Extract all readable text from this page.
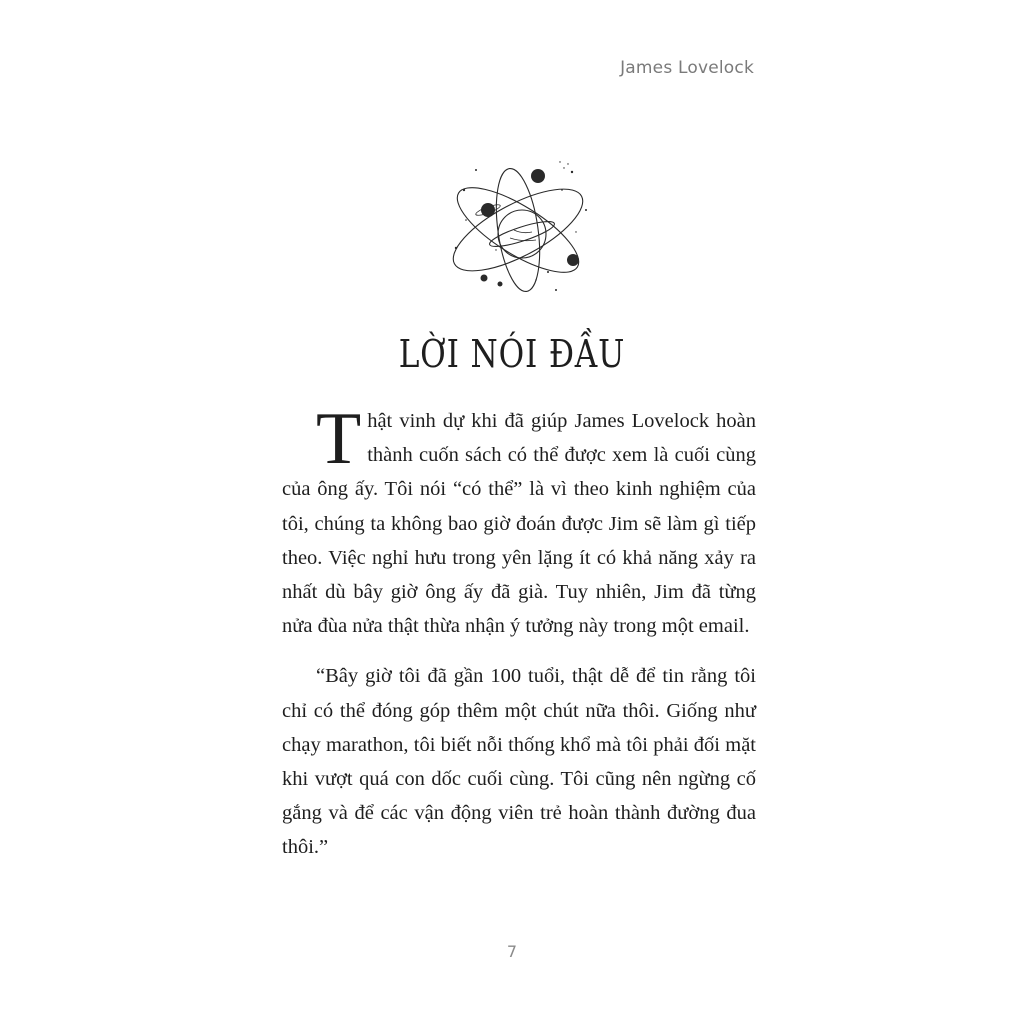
James Lovelock
LỜI NÓI ĐẦU

Thật vinh dự khi đã giúp James Lovelock hoàn thành cuốn sách có thể được xem là cuối cùng của ông ấy. Tôi nói “có thể” là vì theo kinh nghiệm của tôi, chúng ta không bao giờ đoán được Jim sẽ làm gì tiếp theo. Việc nghỉ hưu trong yên lặng ít có khả năng xảy ra nhất dù bây giờ ông ấy đã già. Tuy nhiên, Jim đã từng nửa đùa nửa thật thừa nhận ý tưởng này trong một email.

“Bây giờ tôi đã gần 100 tuổi, thật dễ để tin rằng tôi chỉ có thể đóng góp thêm một chút nữa thôi. Giống như chạy marathon, tôi biết nỗi thống khổ mà tôi phải đối mặt khi vượt quá con dốc cuối cùng. Tôi cũng nên ngừng cố gắng và để các vận động viên trẻ hoàn thành đường đua thôi.”

7
